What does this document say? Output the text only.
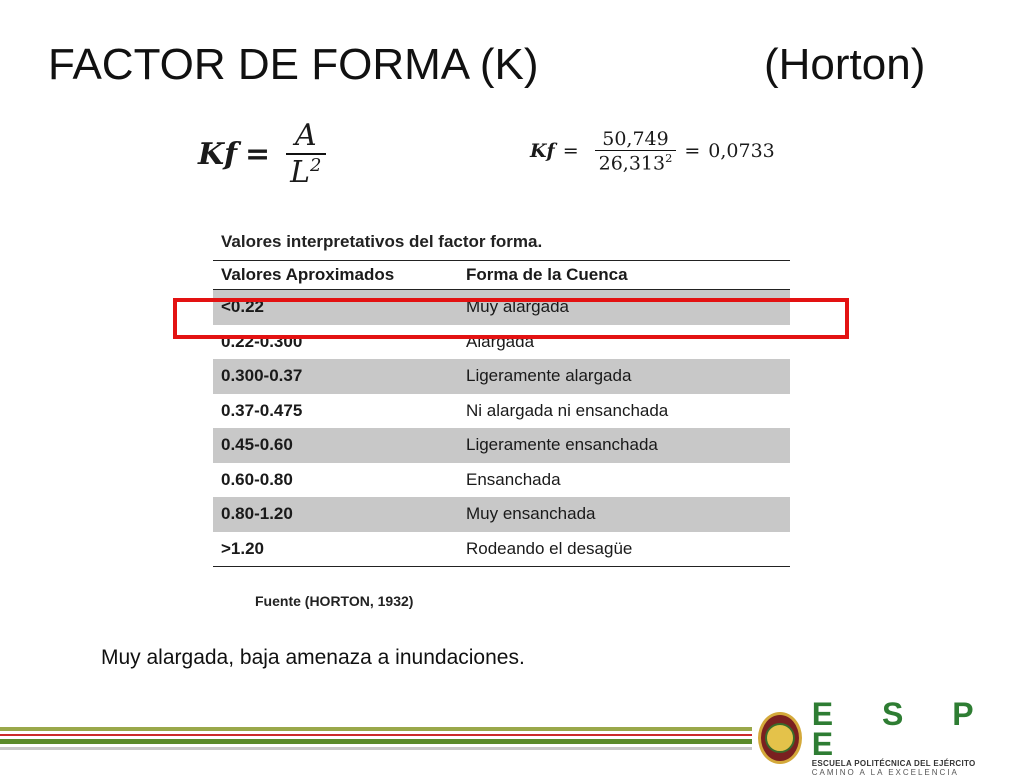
FACTOR DE FORMA (K)	(Horton)
$Kf = \frac{A}{L^2}$	$Kf = \frac{50,749}{26,313^2} = 0,0733$
Valores interpretativos del factor forma.
Valores Aproximados	Forma de la Cuenca
<0.22	Muy alargada
0.22-0.300	Alargada
0.300-0.37	Ligeramente alargada
0.37-0.475	Ni alargada ni ensanchada
0.45-0.60	Ligeramente ensanchada
0.60-0.80	Ensanchada
0.80-1.20	Muy ensanchada
>1.20	Rodeando el desagüe
Fuente (HORTON, 1932)
Muy alargada, baja amenaza a inundaciones.
E S P E
ESCUELA POLITÉCNICA DEL EJÉRCITO
CAMINO A LA EXCELENCIA
